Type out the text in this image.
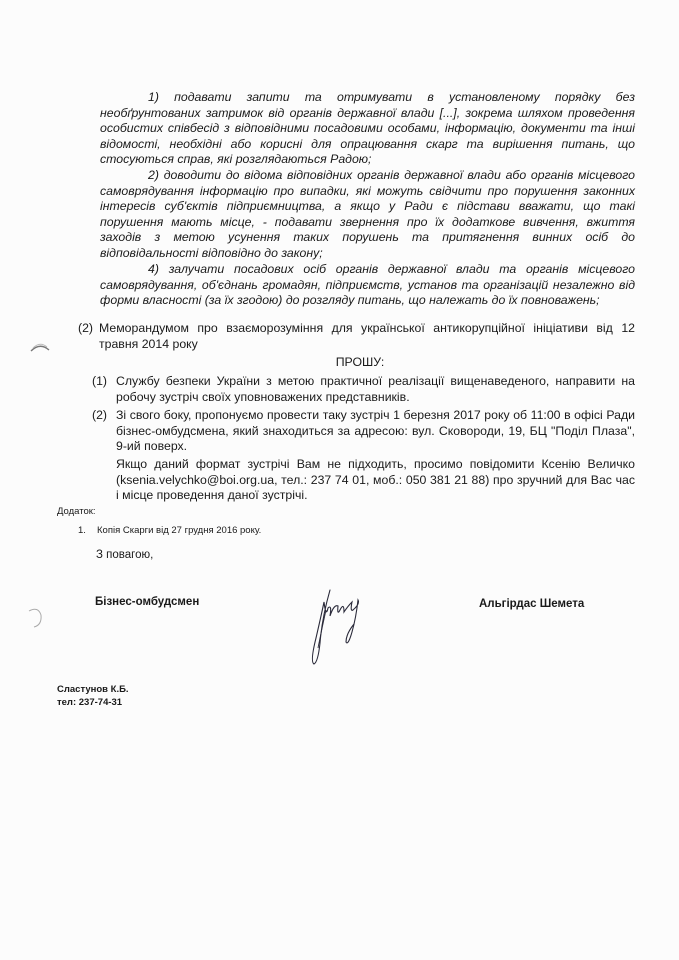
1) подавати запити та отримувати в установленому порядку без необґрунтованих затримок від органів державної влади [...], зокрема шляхом проведення особистих співбесід з відповідними посадовими особами, інформацію, документи та інші відомості, необхідні або корисні для опрацювання скарг та вирішення питань, що стосуються справ, які розглядаються Радою;
2) доводити до відома відповідних органів державної влади або органів місцевого самоврядування інформацію про випадки, які можуть свідчити про порушення законних інтересів суб'єктів підприємництва, а якщо у Ради є підстави вважати, що такі порушення мають місце, - подавати звернення про їх додаткове вивчення, вжиття заходів з метою усунення таких порушень та притягнення винних осіб до відповідальності відповідно до закону;
4) залучати посадових осіб органів державної влади та органів місцевого самоврядування, об'єднань громадян, підприємств, установ та організацій незалежно від форми власності (за їх згодою) до розгляду питань, що належать до їх повноважень;
(2) Меморандумом про взаєморозуміння для української антикорупційної ініціативи від 12 травня 2014 року
ПРОШУ:
(1) Службу безпеки України з метою практичної реалізації вищенаведеного, направити на робочу зустріч своїх уповноважених представників.
(2) Зі свого боку, пропонуємо провести таку зустріч 1 березня 2017 року об 11:00 в офісі Ради бізнес-омбудсмена, який знаходиться за адресою: вул. Сковороди, 19, БЦ "Поділ Плаза", 9-ий поверх.
Якщо даний формат зустрічі Вам не підходить, просимо повідомити Ксенію Величко (ksenia.velychko@boi.org.ua, тел.: 237 74 01, моб.: 050 381 21 88) про зручний для Вас час і місце проведення даної зустрічі.
Додаток:
1.	Копія Скарги від 27 грудня 2016 року.
З повагою,
Бізнес-омбудсмен	Альгірдас Шемета
Сластунов К.Б.
тел: 237-74-31
